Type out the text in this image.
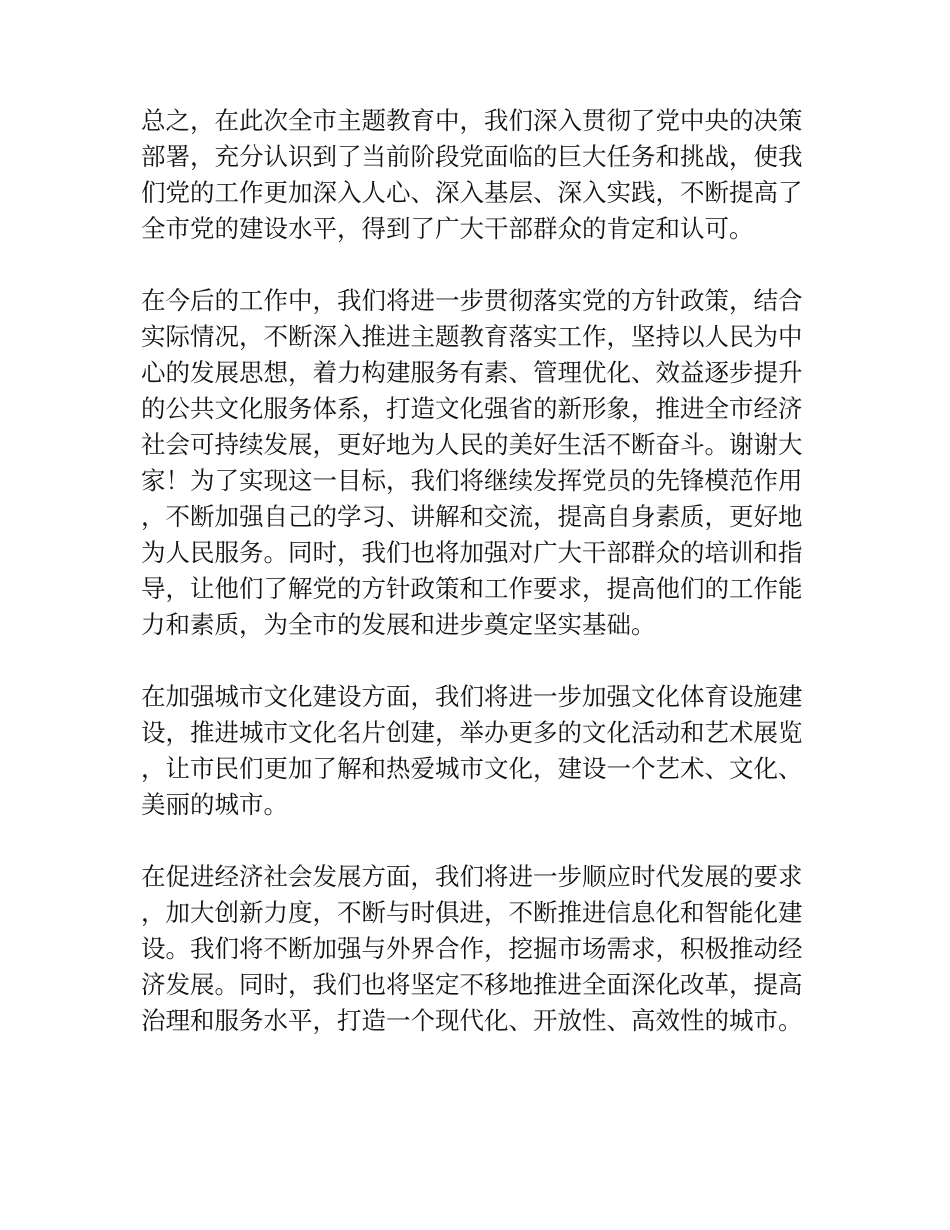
总之，在此次全市主题教育中，我们深入贯彻了党中央的决策部署，充分认识到了当前阶段党面临的巨大任务和挑战，使我们党的工作更加深入人心、深入基层、深入实践，不断提高了全市党的建设水平，得到了广大干部群众的肯定和认可。

在今后的工作中，我们将进一步贯彻落实党的方针政策，结合实际情况，不断深入推进主题教育落实工作，坚持以人民为中心的发展思想，着力构建服务有素、管理优化、效益逐步提升的公共文化服务体系，打造文化强省的新形象，推进全市经济社会可持续发展，更好地为人民的美好生活不断奋斗。谢谢大家！为了实现这一目标，我们将继续发挥党员的先锋模范作用，不断加强自己的学习、讲解和交流，提高自身素质，更好地为人民服务。同时，我们也将加强对广大干部群众的培训和指导，让他们了解党的方针政策和工作要求，提高他们的工作能力和素质，为全市的发展和进步奠定坚实基础。

在加强城市文化建设方面，我们将进一步加强文化体育设施建设，推进城市文化名片创建，举办更多的文化活动和艺术展览，让市民们更加了解和热爱城市文化，建设一个艺术、文化、美丽的城市。

在促进经济社会发展方面，我们将进一步顺应时代发展的要求，加大创新力度，不断与时俱进，不断推进信息化和智能化建设。我们将不断加强与外界合作，挖掘市场需求，积极推动经济发展。同时，我们也将坚定不移地推进全面深化改革，提高治理和服务水平，打造一个现代化、开放性、高效性的城市。
